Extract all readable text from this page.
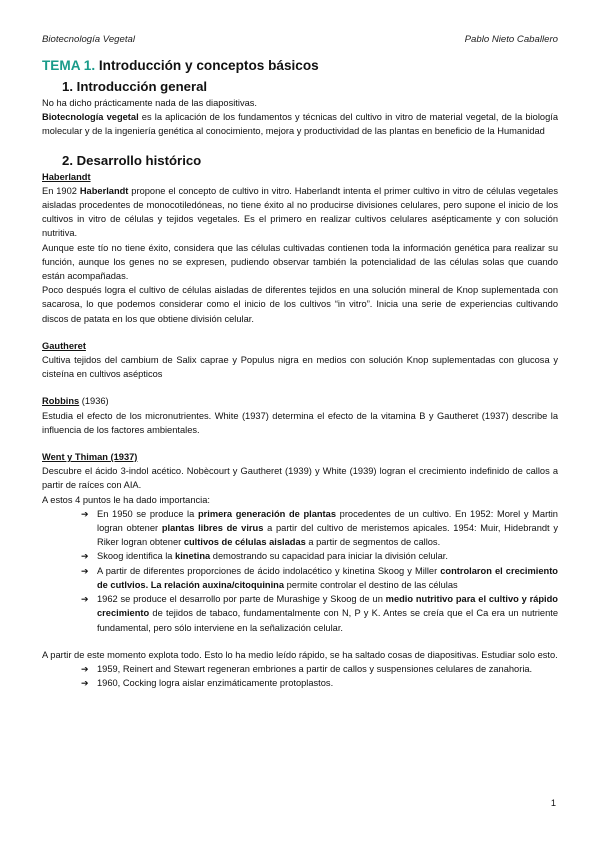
Biotecnología Vegetal	Pablo Nieto Caballero
TEMA 1. Introducción y conceptos básicos
1. Introducción general

No ha dicho prácticamente nada de las diapositivas.

Biotecnología vegetal es la aplicación de los fundamentos y técnicas del cultivo in vitro de material vegetal, de la biología molecular y de la ingeniería genética al conocimiento, mejora y productividad de las plantas en beneficio de la Humanidad

2. Desarrollo histórico

Haberlandt

En 1902 Haberlandt propone el concepto de cultivo in vitro. Haberlandt intenta el primer cultivo in vitro de células vegetales aisladas procedentes de monocotiledóneas, no tiene éxito al no producirse divisiones celulares, pero supone el inicio de los cultivos in vitro de células y tejidos vegetales. Es el primero en realizar cultivos celulares asépticamente y con solución nutritiva.

Aunque este tío no tiene éxito, considera que las células cultivadas contienen toda la información genética para realizar su función, aunque los genes no se expresen, pudiendo observar también la potencialidad de las células solas que cuando están acompañadas.

Poco después logra el cultivo de células aisladas de diferentes tejidos en una solución mineral de Knop suplementada con sacarosa, lo que podemos considerar como el inicio de los cultivos “in vitro”. Inicia una serie de experiencias cultivando discos de patata en los que obtiene división celular.

Gautheret

Cultiva tejidos del cambium de Salix caprae y Populus nigra en medios con solución Knop suplementadas con glucosa y cisteína en cultivos asépticos

Robbins (1936)

Estudia el efecto de los micronutrientes. White (1937) determina el efecto de la vitamina B y Gautheret (1937) describe la influencia de los factores ambientales.

Went y Thiman (1937)

Descubre el ácido 3-indol acético. Nobècourt y Gautheret (1939) y White (1939) logran el crecimiento indefinido de callos a partir de raíces con AIA.

A estos 4 puntos le ha dado importancia:

➔ En 1950 se produce la primera generación de plantas procedentes de un cultivo. En 1952: Morel y Martin logran obtener plantas libres de virus a partir del cultivo de meristemos apicales. 1954: Muir, Hidebrandt y Riker logran obtener cultivos de células aisladas a partir de segmentos de callos.
➔ Skoog identifica la kinetina demostrando su capacidad para iniciar la división celular.
➔ A partir de diferentes proporciones de ácido indolacético y kinetina Skoog y Miller controlaron el crecimiento de cutlvios. La relación auxina/citoquinina permite controlar el destino de las células
➔ 1962 se produce el desarrollo por parte de Murashige y Skoog de un medio nutritivo para el cultivo y rápido crecimiento de tejidos de tabaco, fundamentalmente con N, P y K. Antes se creía que el Ca era un nutriente fundamental, pero sólo interviene en la señalización celular.

A partir de este momento explota todo. Esto lo ha medio leído rápido, se ha saltado cosas de diapositivas. Estudiar solo esto.

➔ 1959, Reinert and Stewart regeneran embriones a partir de callos y suspensiones celulares de zanahoria.
➔ 1960, Cocking logra aislar enzimáticamente protoplastos.
1
